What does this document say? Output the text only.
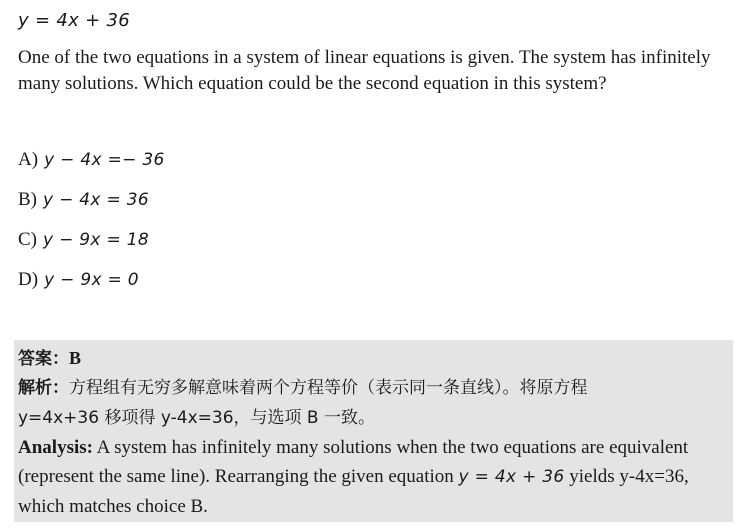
y = 4x + 36
One of the two equations in a system of linear equations is given. The system has infinitely many solutions. Which equation could be the second equation in this system?
A) y − 4x =− 36
B) y − 4x = 36
C) y − 9x = 18
D) y − 9x = 0
答案：B
解析：方程组有无穷多解意味着两个方程等价（表示同一条直线）。将原方程
y=4x+36 移项得 y-4x=36，与选项 B 一致。
Analysis: A system has infinitely many solutions when the two equations are equivalent (represent the same line). Rearranging the given equation y = 4x + 36 yields y-4x=36, which matches choice B.
